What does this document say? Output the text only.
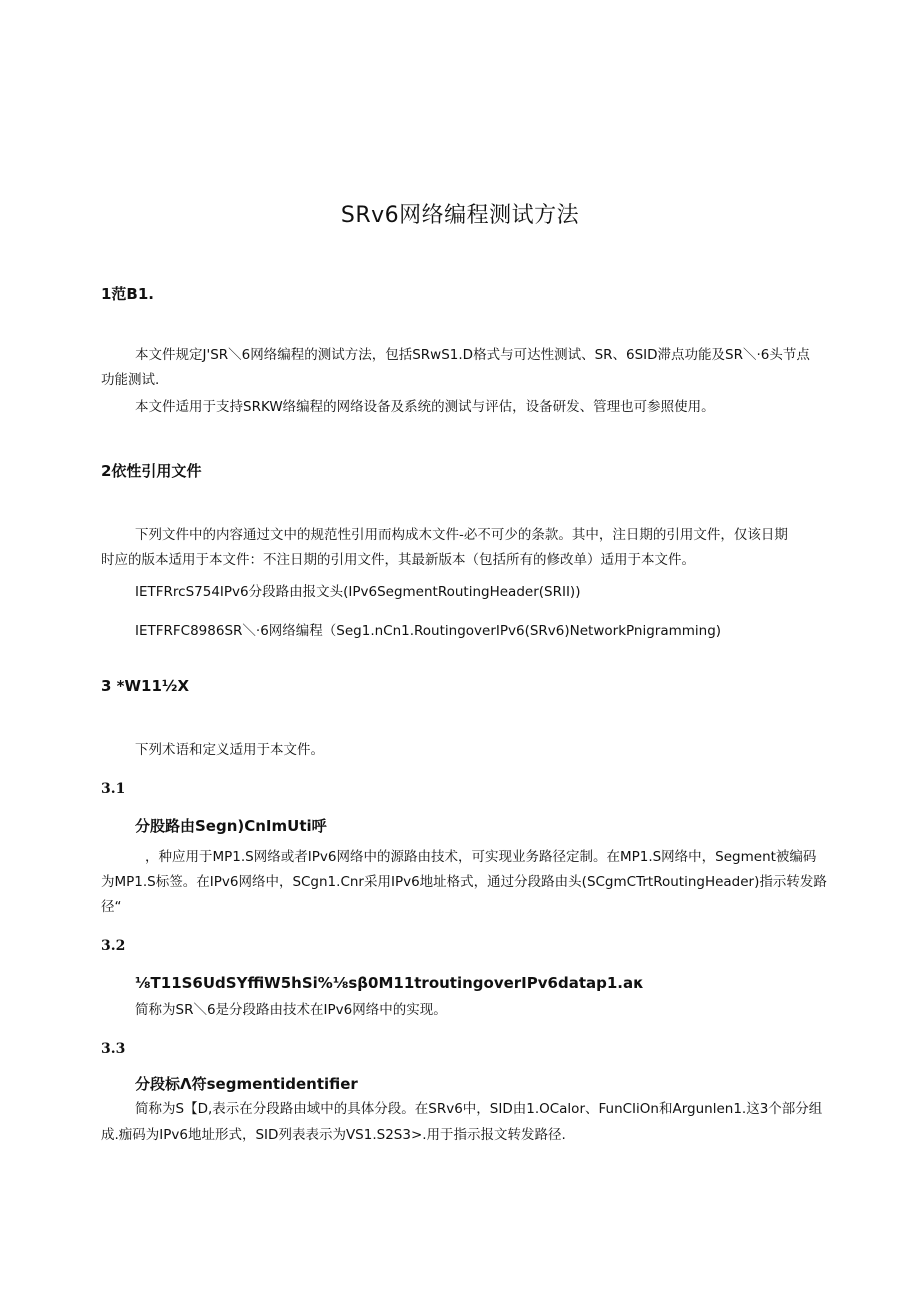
SRv6网络编程测试方法
1范B1.
本文件规定J'SR＼6网络编程的测试方法，包括SRwS1.D格式与可达性测试、SR、6SID滞点功能及SR＼·6头节点
功能测试.
本文件适用于支持SRKW络编程的网络设备及系统的测试与评估，设备研发、管理也可参照使用。
2依性引用文件
下列文件中的内容通过文中的规范性引用而构成木文件-必不可少的条款。其中，注日期的引用文件，仅该日期
时应的版本适用于本文件：不注日期的引用文件，其最新版本（包括所有的修改单）适用于本文件。
IETFRrcS754IPv6分段路由报文头(IPv6SegmentRoutingHeader(SRII))
IETFRFC8986SR＼·6网络编程（Seg1.nCn1.RoutingoverIPv6(SRv6)NetworkPnigramming)
3 *W11½X
下列术语和定义适用于本文件。
3.1
分股路由Segn)CnImUti呼
，种应用于MP1.S网络或者IPv6网络中的源路由技术，可实现业务路径定制。在MP1.S网络中，Segment被编码
为MP1.S标签。在IPv6网络中，SCgn1.Cnr采用IPv6地址格式，通过分段路由头(SCgmCTrtRoutingHeader)指示转发路
径“
3.2
⅛T11S6UdSYffiW5hSi%⅛sβ0M11troutingoverIPv6datap1.aκ
简称为SR＼6是分段路由技术在IPv6网络中的实现。
3.3
分段标Λ符segmentidentifier
简称为S【D,表示在分段路由域中的具体分段。在SRv6中，SID由1.OCalor、FunCIiOn和Argunlen1.这3个部分组
成.痂码为IPv6地址形式，SID列表表示为VS1.S2S3>.用于指示报文转发路径.
